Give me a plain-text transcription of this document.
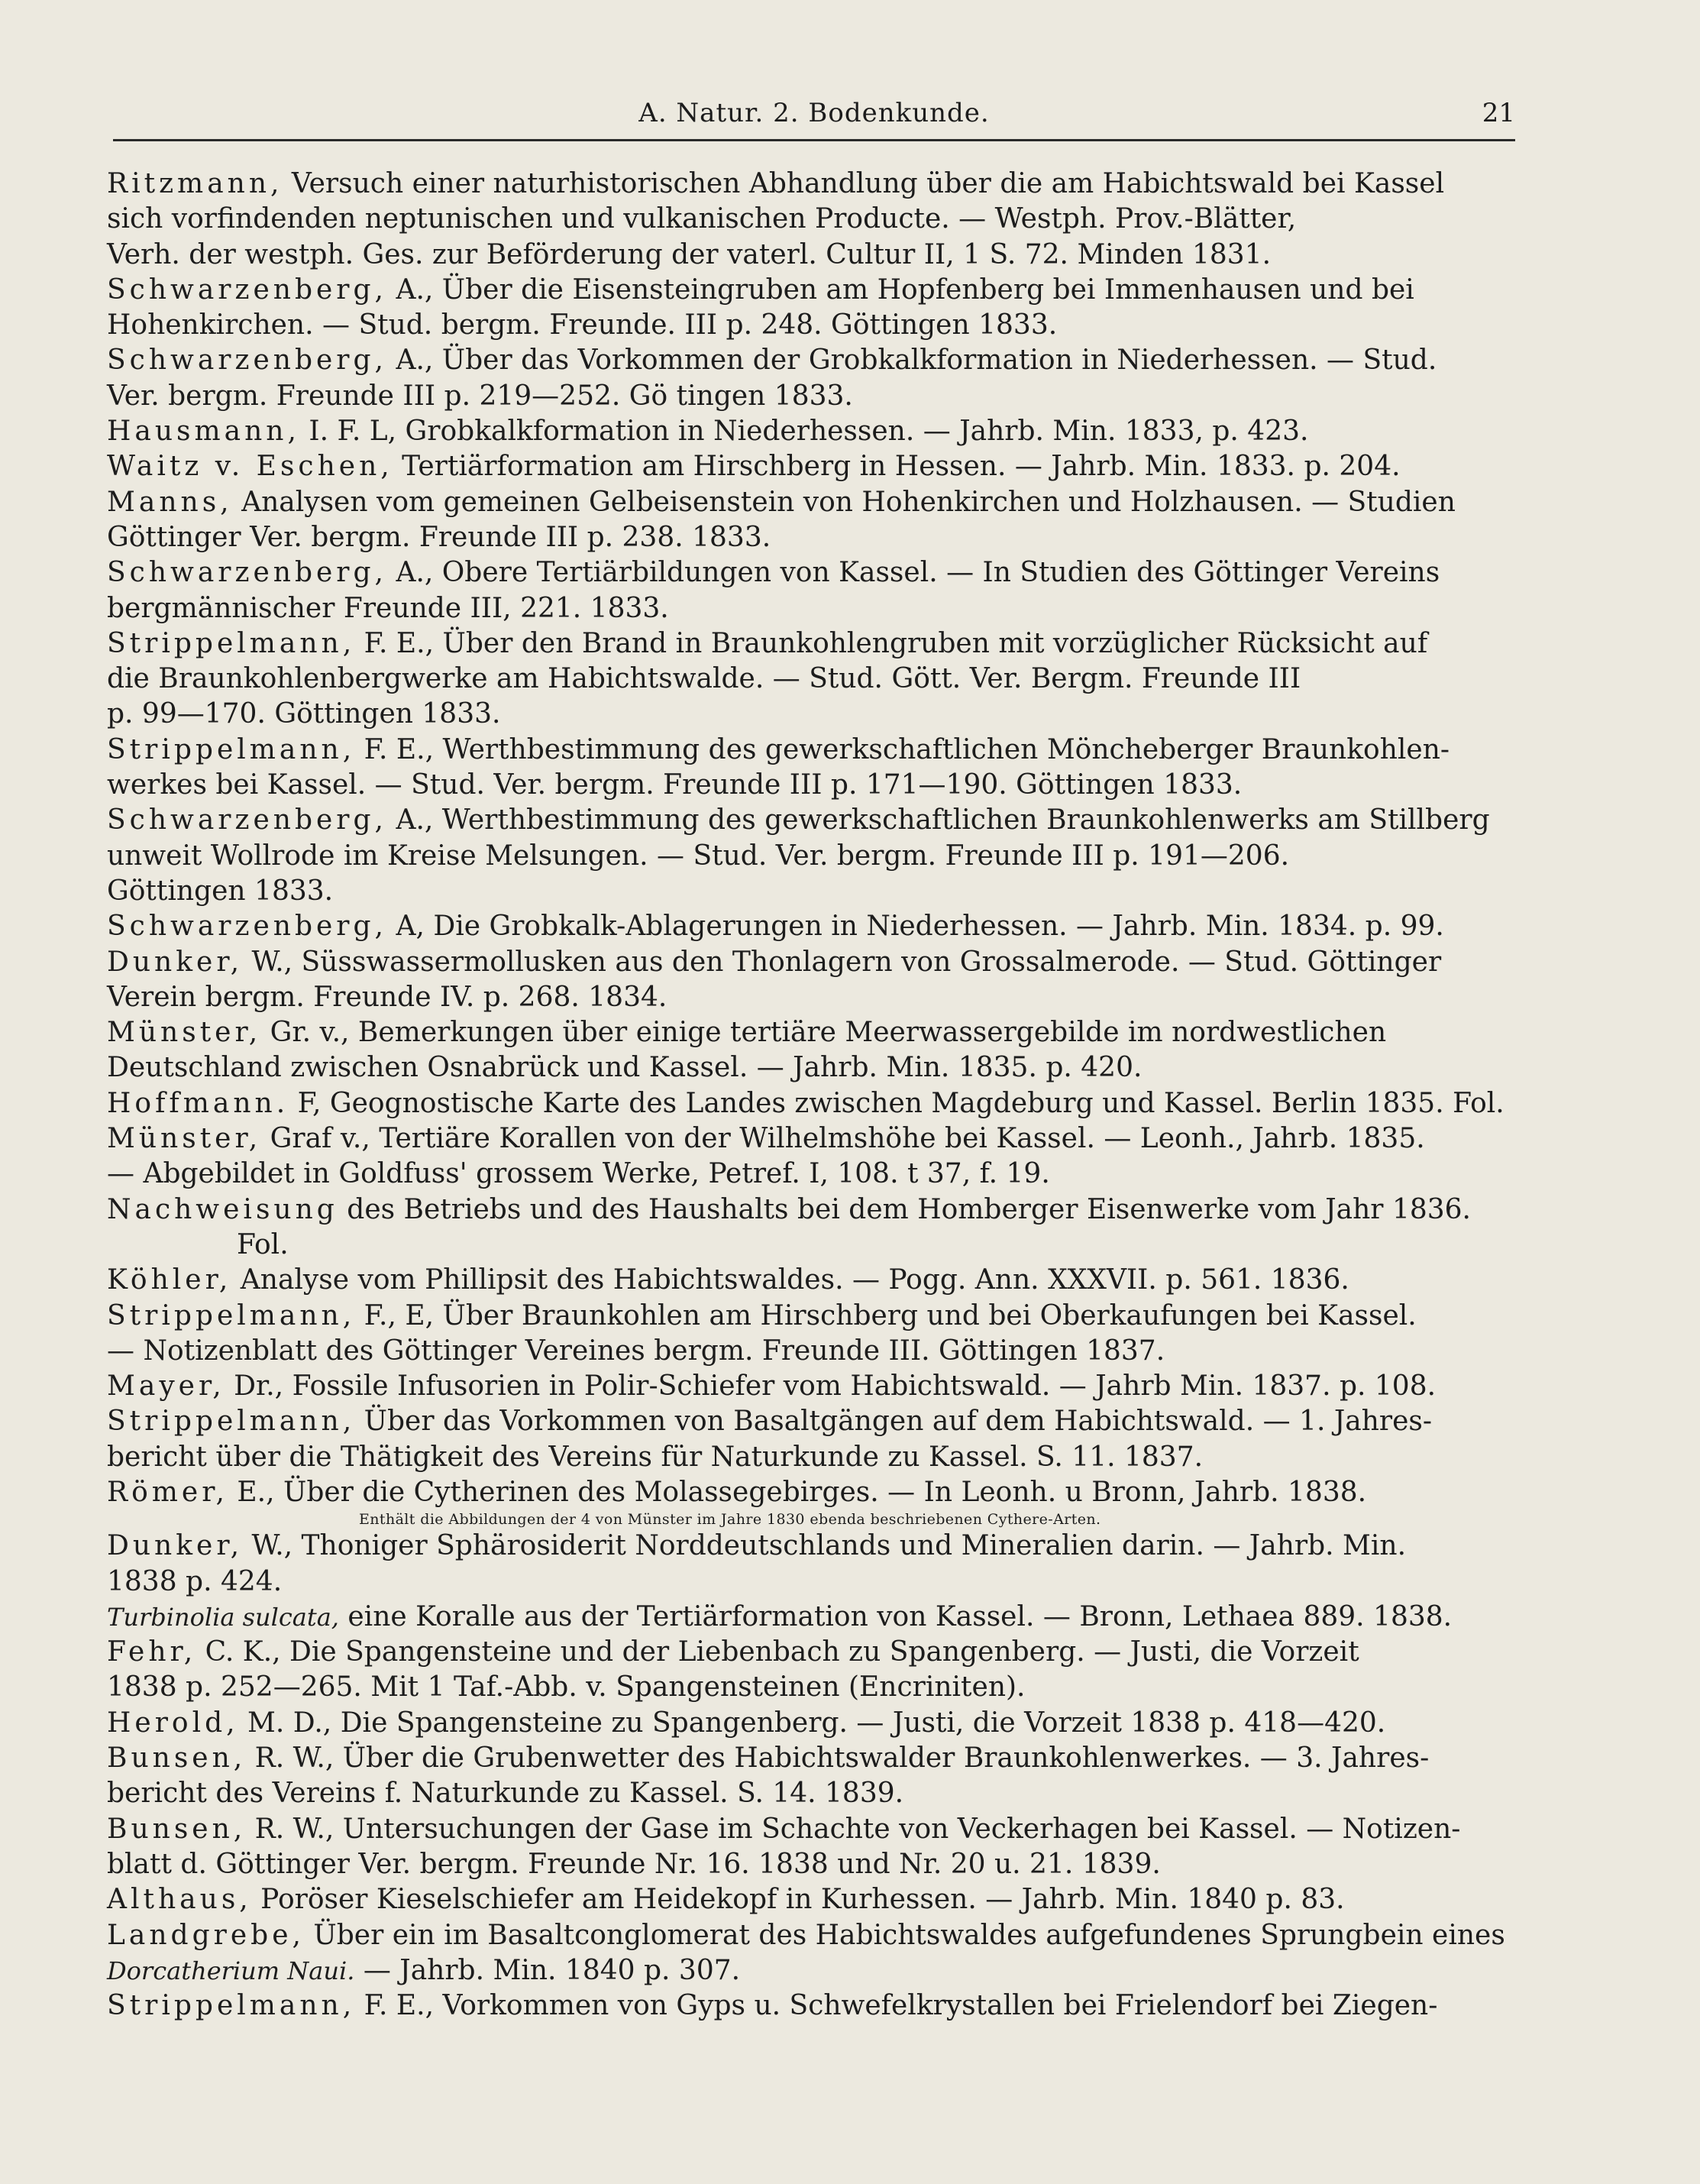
A. Natur. 2. Bodenkunde.	21
Ritzmann, Versuch einer naturhistorischen Abhandlung über die am Habichtswald bei Kassel
sich vorfindenden neptunischen und vulkanischen Producte. — Westph. Prov.-Blätter,
Verh. der westph. Ges. zur Beförderung der vaterl. Cultur II, 1 S. 72. Minden 1831.
Schwarzenberg, A., Über die Eisensteingruben am Hopfenberg bei Immenhausen und bei
Hohenkirchen. — Stud. bergm. Freunde. III p. 248. Göttingen 1833.
Schwarzenberg, A., Über das Vorkommen der Grobkalkformation in Niederhessen. — Stud.
Ver. bergm. Freunde III p. 219—252. Gö tingen 1833.
Hausmann, I. F. L, Grobkalkformation in Niederhessen. — Jahrb. Min. 1833, p. 423.
Waitz v. Eschen, Tertiärformation am Hirschberg in Hessen. — Jahrb. Min. 1833. p. 204.
Manns, Analysen vom gemeinen Gelbeisenstein von Hohenkirchen und Holzhausen. — Studien
Göttinger Ver. bergm. Freunde III p. 238. 1833.
Schwarzenberg, A., Obere Tertiärbildungen von Kassel. — In Studien des Göttinger Vereins
bergmännischer Freunde III, 221. 1833.
Strippelmann, F. E., Über den Brand in Braunkohlengruben mit vorzüglicher Rücksicht auf
die Braunkohlenbergwerke am Habichtswalde. — Stud. Gött. Ver. Bergm. Freunde III
p. 99—170. Göttingen 1833.
Strippelmann, F. E., Werthbestimmung des gewerkschaftlichen Möncheberger Braunkohlen-
werkes bei Kassel. — Stud. Ver. bergm. Freunde III p. 171—190. Göttingen 1833.
Schwarzenberg, A., Werthbestimmung des gewerkschaftlichen Braunkohlenwerks am Stillberg
unweit Wollrode im Kreise Melsungen. — Stud. Ver. bergm. Freunde III p. 191—206.
Göttingen 1833.
Schwarzenberg, A, Die Grobkalk-Ablagerungen in Niederhessen. — Jahrb. Min. 1834. p. 99.
Dunker, W., Süsswassermollusken aus den Thonlagern von Grossalmerode. — Stud. Göttinger
Verein bergm. Freunde IV. p. 268. 1834.
Münster, Gr. v., Bemerkungen über einige tertiäre Meerwassergebilde im nordwestlichen
Deutschland zwischen Osnabrück und Kassel. — Jahrb. Min. 1835. p. 420.
Hoffmann. F, Geognostische Karte des Landes zwischen Magdeburg und Kassel. Berlin 1835. Fol.
Münster, Graf v., Tertiäre Korallen von der Wilhelmshöhe bei Kassel. — Leonh., Jahrb. 1835.
— Abgebildet in Goldfuss' grossem Werke, Petref. I, 108. t 37, f. 19.
Nachweisung des Betriebs und des Haushalts bei dem Homberger Eisenwerke vom Jahr 1836. Fol.
Köhler, Analyse vom Phillipsit des Habichtswaldes. — Pogg. Ann. XXXVII. p. 561. 1836.
Strippelmann, F., E, Über Braunkohlen am Hirschberg und bei Oberkaufungen bei Kassel.
— Notizenblatt des Göttinger Vereines bergm. Freunde III. Göttingen 1837.
Mayer, Dr., Fossile Infusorien in Polir-Schiefer vom Habichtswald. — Jahrb Min. 1837. p. 108.
Strippelmann, Über das Vorkommen von Basaltgängen auf dem Habichtswald. — 1. Jahres-
bericht über die Thätigkeit des Vereins für Naturkunde zu Kassel. S. 11. 1837.
Römer, E., Über die Cytherinen des Molassegebirges. — In Leonh. u Bronn, Jahrb. 1838.
Enthält die Abbildungen der 4 von Münster im Jahre 1830 ebenda beschriebenen Cythere-Arten.
Dunker, W., Thoniger Sphärosiderit Norddeutschlands und Mineralien darin. — Jahrb. Min.
1838 p. 424.
Turbinolia sulcata, eine Koralle aus der Tertiärformation von Kassel. — Bronn, Lethaea 889. 1838.
Fehr, C. K., Die Spangensteine und der Liebenbach zu Spangenberg. — Justi, die Vorzeit
1838 p. 252—265. Mit 1 Taf.-Abb. v. Spangensteinen (Encriniten).
Herold, M. D., Die Spangensteine zu Spangenberg. — Justi, die Vorzeit 1838 p. 418—420.
Bunsen, R. W., Über die Grubenwetter des Habichtswalder Braunkohlenwerkes. — 3. Jahres-
bericht des Vereins f. Naturkunde zu Kassel. S. 14. 1839.
Bunsen, R. W., Untersuchungen der Gase im Schachte von Veckerhagen bei Kassel. — Notizen-
blatt d. Göttinger Ver. bergm. Freunde Nr. 16. 1838 und Nr. 20 u. 21. 1839.
Althaus, Poröser Kieselschiefer am Heidekopf in Kurhessen. — Jahrb. Min. 1840 p. 83.
Landgrebe, Über ein im Basaltconglomerat des Habichtswaldes aufgefundenes Sprungbein eines
Dorcatherium Naui. — Jahrb. Min. 1840 p. 307.
Strippelmann, F. E., Vorkommen von Gyps u. Schwefelkrystallen bei Frielendorf bei Ziegen-
